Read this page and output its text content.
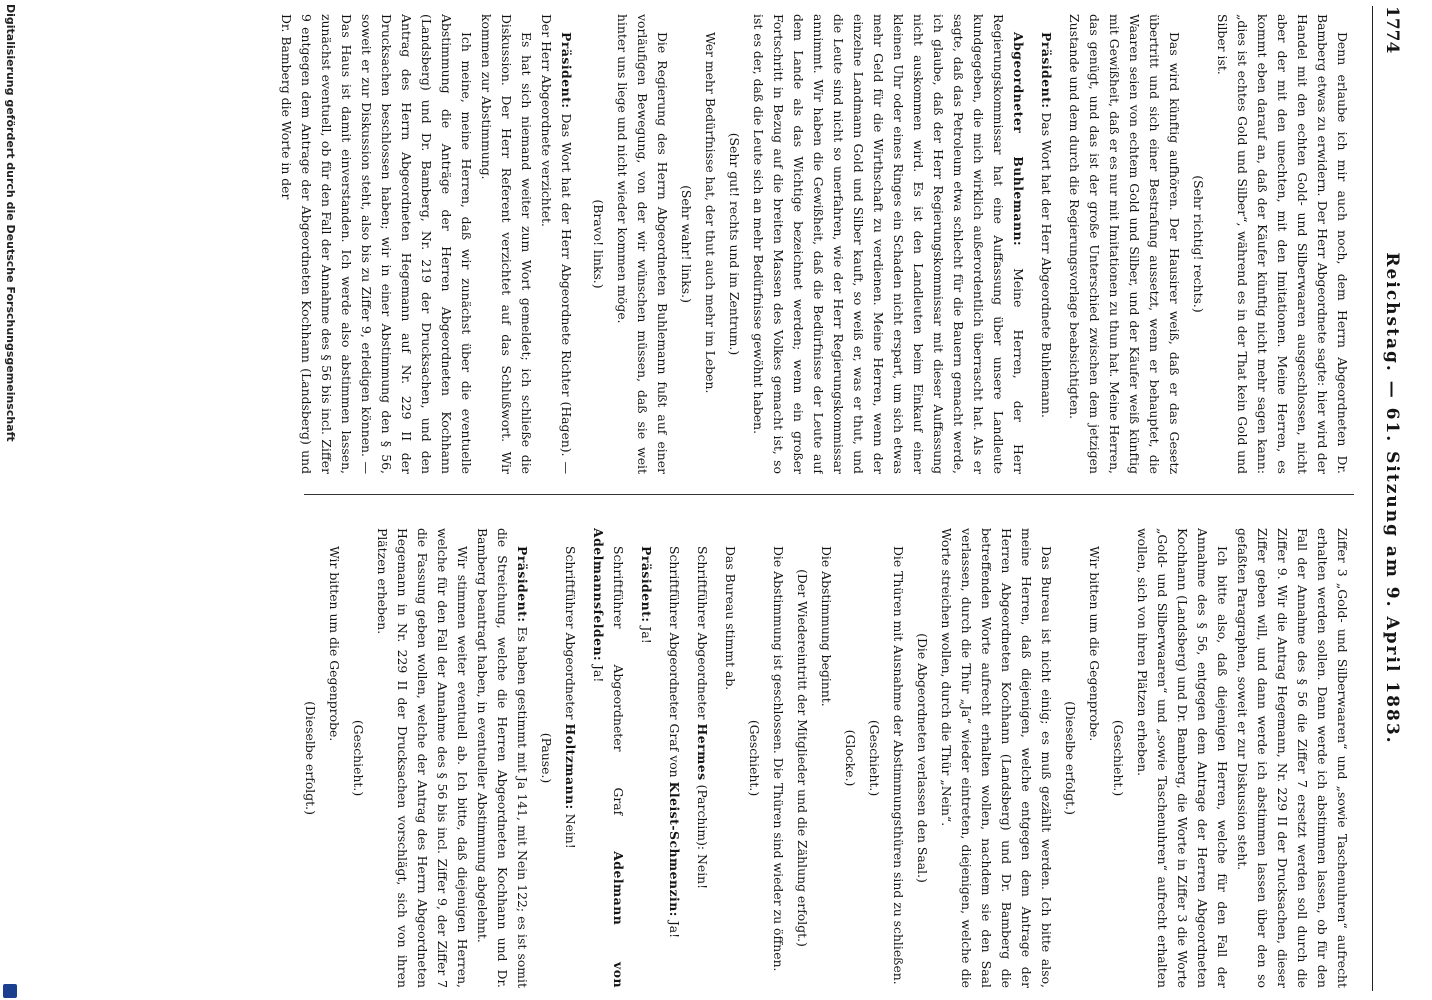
1774
Reichstag. — 61. Sitzung am 9. April 1883.

Denn erlaube ich mir auch noch, dem Herrn Abgeordneten Dr. Bamberg etwas zu erwidern. Der Herr Abgeordnete sagte: hier wird der Handel mit den echten Gold- und Silberwaaren ausgeschlossen, nicht aber der mit den unechten, mit den Imitationen. Meine Herren, es kommt eben darauf an, daß der Käufer künftig nicht mehr sagen kann: „dies ist echtes Gold und Silber“, während es in der That kein Gold und Silber ist.

(Sehr richtig! rechts.)

Das wird künftig aufhören. Der Hausirer weiß, daß er das Gesetz übertritt und sich einer Bestrafung aussetzt, wenn er behauptet, die Waaren seien von echtem Gold und Silber, und der Käufer weiß künftig mit Gewißheit, daß er es nur mit Imitationen zu thun hat. Meine Herren, das genügt, und das ist der große Unterschied zwischen dem jetzigen Zustande und dem durch die Regierungsvorlage beabsichtigten.

Präsident: Das Wort hat der Herr Abgeordnete Buhlemann.

Abgeordneter Buhlemann: Meine Herren, der Herr Regierungskommissar hat eine Auffassung über unsere Landleute kundgegeben, die mich wirklich außerordentlich überrascht hat. Als er sagte, daß das Petroleum etwa schlecht für die Bauern gemacht werde, ich glaube, daß der Herr Regierungskommissar mit dieser Auffassung nicht auskommen wird. Es ist den Landleuten beim Einkauf einer kleinen Uhr oder eines Ringes ein Schaden nicht erspart, um sich etwas mehr Geld für die Wirthschaft zu verdienen. Meine Herren, wenn der einzelne Landmann Gold und Silber kauft, so weiß er, was er thut, und die Leute sind nicht so unerfahren, wie der Herr Regierungskommissar annimmt. Wir haben die Gewißheit, daß die Bedürfnisse der Leute auf dem Lande als das Wichtige bezeichnet werden; wenn ein großer Fortschritt in Bezug auf die breiten Massen des Volkes gemacht ist, so ist es der, daß die Leute sich an mehr Bedürfnisse gewöhnt haben.

(Sehr gut! rechts und im Zentrum.)

Wer mehr Bedürfnisse hat, der thut auch mehr im Leben.

(Sehr wahr! links.)

Die Regierung des Herrn Abgeordneten Buhlemann fußt auf einer vorläufigen Bewegung, von der wir wünschen müssen, daß sie weit hinter uns liege und nicht wieder kommen möge.

(Bravo! links.)

Präsident: Das Wort hat der Herr Abgeordnete Richter (Hagen). — Der Herr Abgeordnete verzichtet.

Es hat sich niemand weiter zum Wort gemeldet; ich schließe die Diskussion. Der Herr Referent verzichtet auf das Schlußwort. Wir kommen zur Abstimmung.

Ich meine, meine Herren, daß wir zunächst über die eventuelle Abstimmung die Anträge der Herren Abgeordneten Kochhann (Landsberg) und Dr. Bamberg, Nr. 219 der Drucksachen, und den Antrag des Herrn Abgeordneten Hegemann auf Nr. 229 II der Drucksachen beschlossen haben; wir in einer Abstimmung den § 56, soweit er zur Diskussion steht, also bis zu Ziffer 9, erledigen können. — Das Haus ist damit einverstanden. Ich werde also abstimmen lassen, zunächst eventuell, ob für den Fall der Annahme des § 56 bis incl. Ziffer 9 entgegen dem Antrage der Abgeordneten Kochhann (Landsberg) und Dr. Bamberg die Worte in der

Ziffer 3 „Gold- und Silberwaaren“ und „sowie Taschenuhren“ aufrecht erhalten werden sollen. Dann werde ich abstimmen lassen, ob für den Fall der Annahme des § 56 die Ziffer 7 ersetzt werden soll durch die Ziffer 9. Wir die Antrag Hegemann, Nr. 229 II der Drucksachen, dieser Ziffer geben will, und dann werde ich abstimmen lassen über den so gefaßten Paragraphen, soweit er zur Diskussion steht.

Ich bitte also, daß diejenigen Herren, welche für den Fall der Annahme des § 56, entgegen dem Antrage der Herren Abgeordneten Kochhann (Landsberg) und Dr. Bamberg, die Worte in Ziffer 3 die Worte „Gold- und Silberwaaren“ und „sowie Taschenuhren“ aufrecht erhalten wollen, sich von ihren Plätzen erheben.

(Geschieht.)

Wir bitten um die Gegenprobe.

(Dieselbe erfolgt.)

Das Bureau ist nicht einig; es muß gezählt werden. Ich bitte also, meine Herren, daß diejenigen, welche entgegen dem Antrage der Herren Abgeordneten Kochhann (Landsberg) und Dr. Bamberg die betreffenden Worte aufrecht erhalten wollen, nachdem sie den Saal verlassen, durch die Thür „Ja“ wieder eintreten, diejenigen, welche die Worte streichen wollen, durch die Thür „Nein“.

(Die Abgeordneten verlassen den Saal.)

Die Thüren mit Ausnahme der Abstimmungsthüren sind zu schließen.

(Geschieht.)
(Glocke.)

Die Abstimmung beginnt.

(Der Wiedereintritt der Mitglieder und die Zählung erfolgt.)

Die Abstimmung ist geschlossen. Die Thüren sind wieder zu öffnen.

(Geschieht.)

Das Bureau stimmt ab.

Schriftführer Abgeordneter Hermes (Parchim): Nein!

Schriftführer Abgeordneter Graf von Kleist-Schmenzin: Ja!

Präsident: Ja!

Schriftführer Abgeordneter Graf Adelmann von Adelmannsfelden: Ja!

Schriftführer Abgeordneter Holtzmann: Nein!

(Pause.)

Präsident: Es haben gestimmt mit Ja 141, mit Nein 122; es ist somit die Streichung, welche die Herren Abgeordneten Kochhann und Dr. Bamberg beantragt haben, in eventueller Abstimmung abgelehnt.

Wir stimmen weiter eventuell ab. Ich bitte, daß diejenigen Herren, welche für den Fall der Annahme des § 56 bis incl. Ziffer 9, der Ziffer 7 die Fassung geben wollen, welche der Antrag des Herrn Abgeordneten Hegemann in Nr. 229 II der Drucksachen vorschlägt, sich von ihren Plätzen erheben.

(Geschieht.)

Wir bitten um die Gegenprobe.

(Dieselbe erfolgt.)
Digitalisierung gefördert durch die Deutsche Forschungsgemeinschaft
